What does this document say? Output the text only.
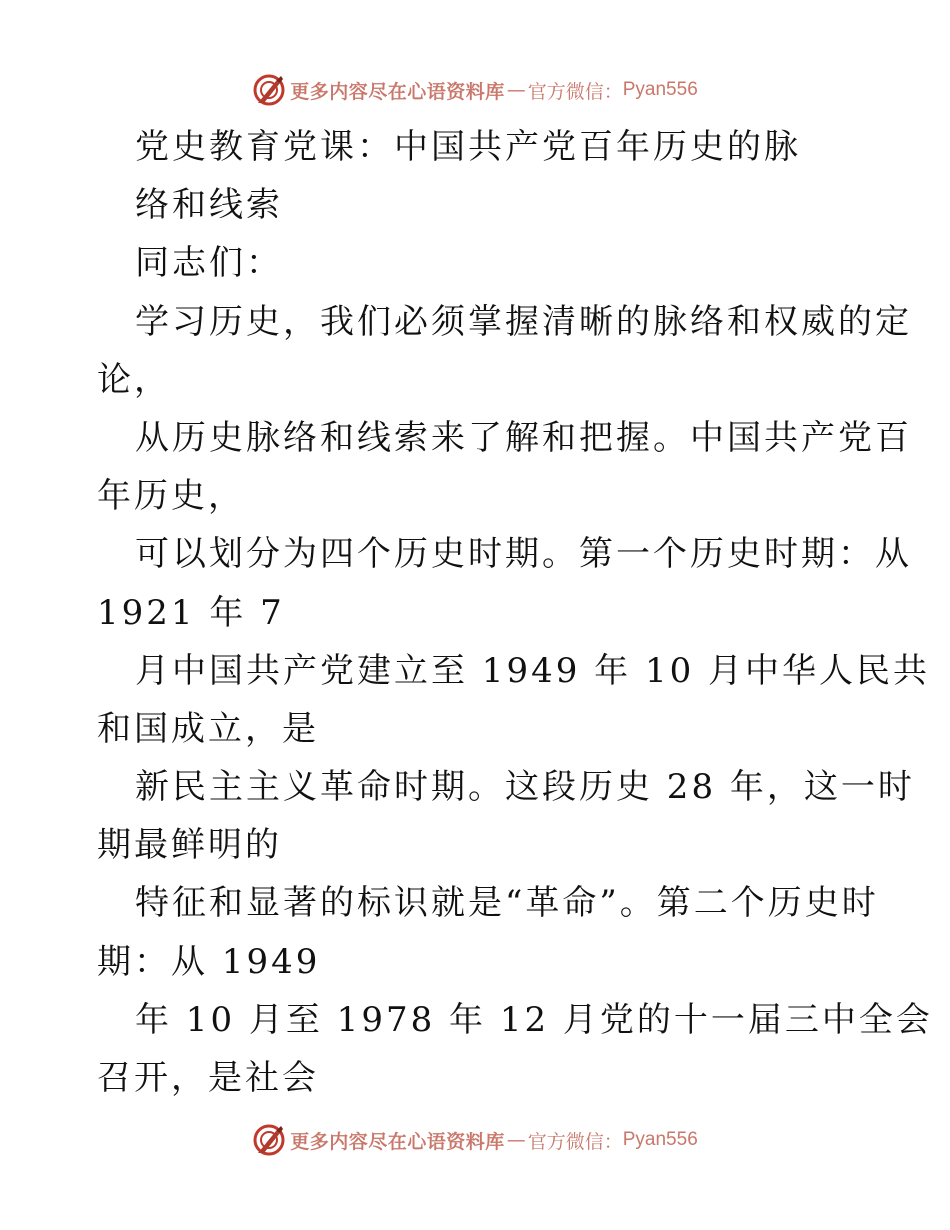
更多内容尽在心语资料库 — 官方微信： Pyan556
党史教育党课：中国共产党百年历史的脉
络和线索
同志们：
学习历史，我们必须掌握清晰的脉络和权威的定
论，
从历史脉络和线索来了解和把握。中国共产党百
年历史，
可以划分为四个历史时期。第一个历史时期：从
1921 年 7
月中国共产党建立至 1949 年 10 月中华人民共
和国成立，是
新民主主义革命时期。这段历史 28 年，这一时
期最鲜明的
特征和显著的标识就是“革命”。第二个历史时
期：从 1949
年 10 月至 1978 年 12 月党的十一届三中全会
召开，是社会
更多内容尽在心语资料库 — 官方微信： Pyan556
